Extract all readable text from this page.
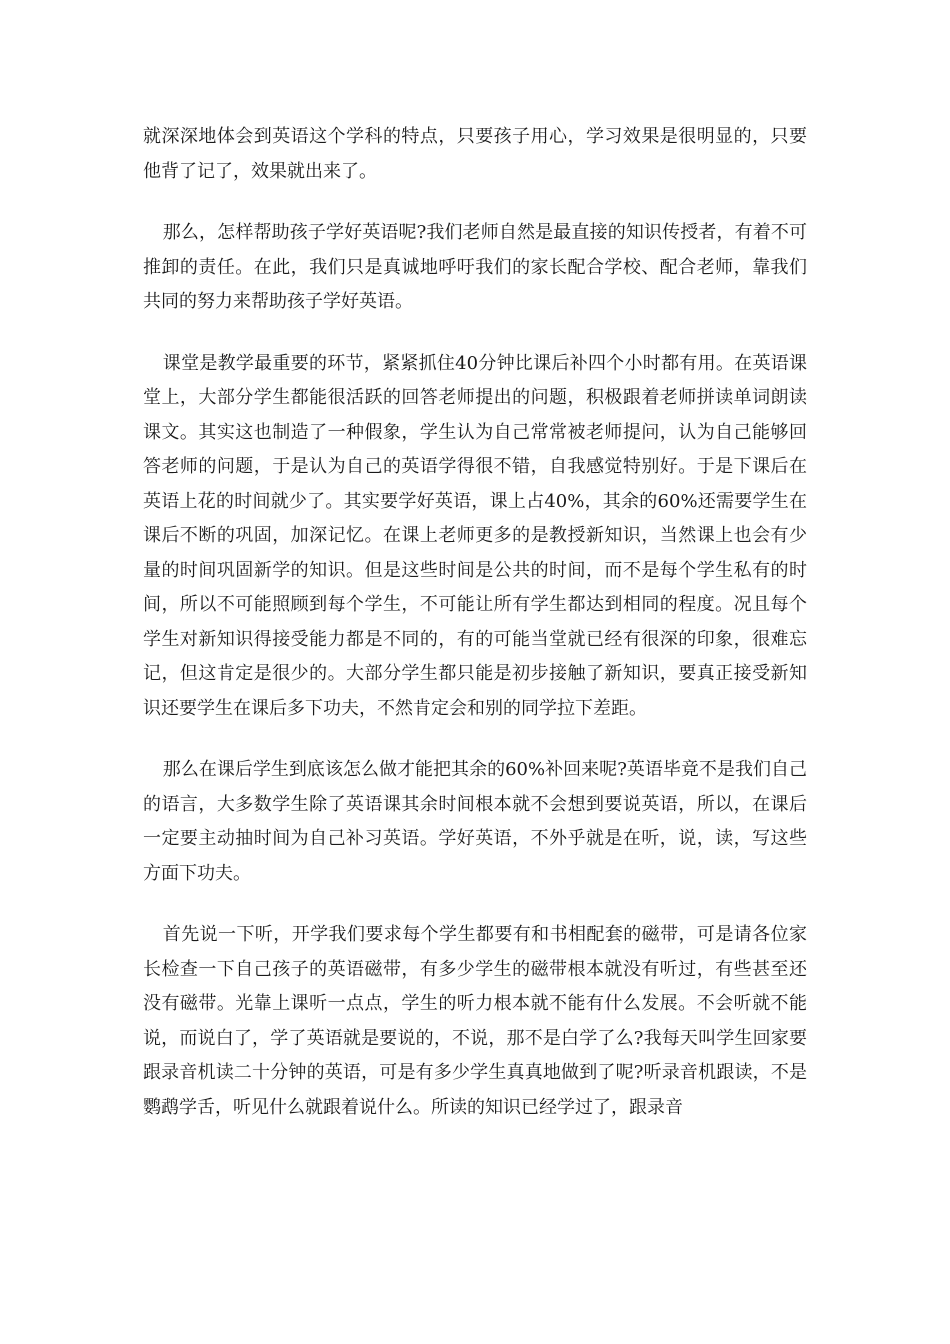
就深深地体会到英语这个学科的特点，只要孩子用心，学习效果是很明显的，只要他背了记了，效果就出来了。

那么，怎样帮助孩子学好英语呢?我们老师自然是最直接的知识传授者，有着不可推卸的责任。在此，我们只是真诚地呼吁我们的家长配合学校、配合老师，靠我们共同的努力来帮助孩子学好英语。

课堂是教学最重要的环节，紧紧抓住40分钟比课后补四个小时都有用。在英语课堂上，大部分学生都能很活跃的回答老师提出的问题，积极跟着老师拼读单词朗读课文。其实这也制造了一种假象，学生认为自己常常被老师提问，认为自己能够回答老师的问题，于是认为自己的英语学得很不错，自我感觉特别好。于是下课后在英语上花的时间就少了。其实要学好英语，课上占40%，其余的60%还需要学生在课后不断的巩固，加深记忆。在课上老师更多的是教授新知识，当然课上也会有少量的时间巩固新学的知识。但是这些时间是公共的时间，而不是每个学生私有的时间，所以不可能照顾到每个学生，不可能让所有学生都达到相同的程度。况且每个学生对新知识得接受能力都是不同的，有的可能当堂就已经有很深的印象，很难忘记，但这肯定是很少的。大部分学生都只能是初步接触了新知识，要真正接受新知识还要学生在课后多下功夫，不然肯定会和别的同学拉下差距。

那么在课后学生到底该怎么做才能把其余的60%补回来呢?英语毕竟不是我们自己的语言，大多数学生除了英语课其余时间根本就不会想到要说英语，所以，在课后一定要主动抽时间为自己补习英语。学好英语，不外乎就是在听，说，读，写这些方面下功夫。

首先说一下听，开学我们要求每个学生都要有和书相配套的磁带，可是请各位家长检查一下自己孩子的英语磁带，有多少学生的磁带根本就没有听过，有些甚至还没有磁带。光靠上课听一点点，学生的听力根本就不能有什么发展。不会听就不能说，而说白了，学了英语就是要说的，不说，那不是白学了么?我每天叫学生回家要跟录音机读二十分钟的英语，可是有多少学生真真地做到了呢?听录音机跟读，不是鹦鹉学舌，听见什么就跟着说什么。所读的知识已经学过了，跟录音
